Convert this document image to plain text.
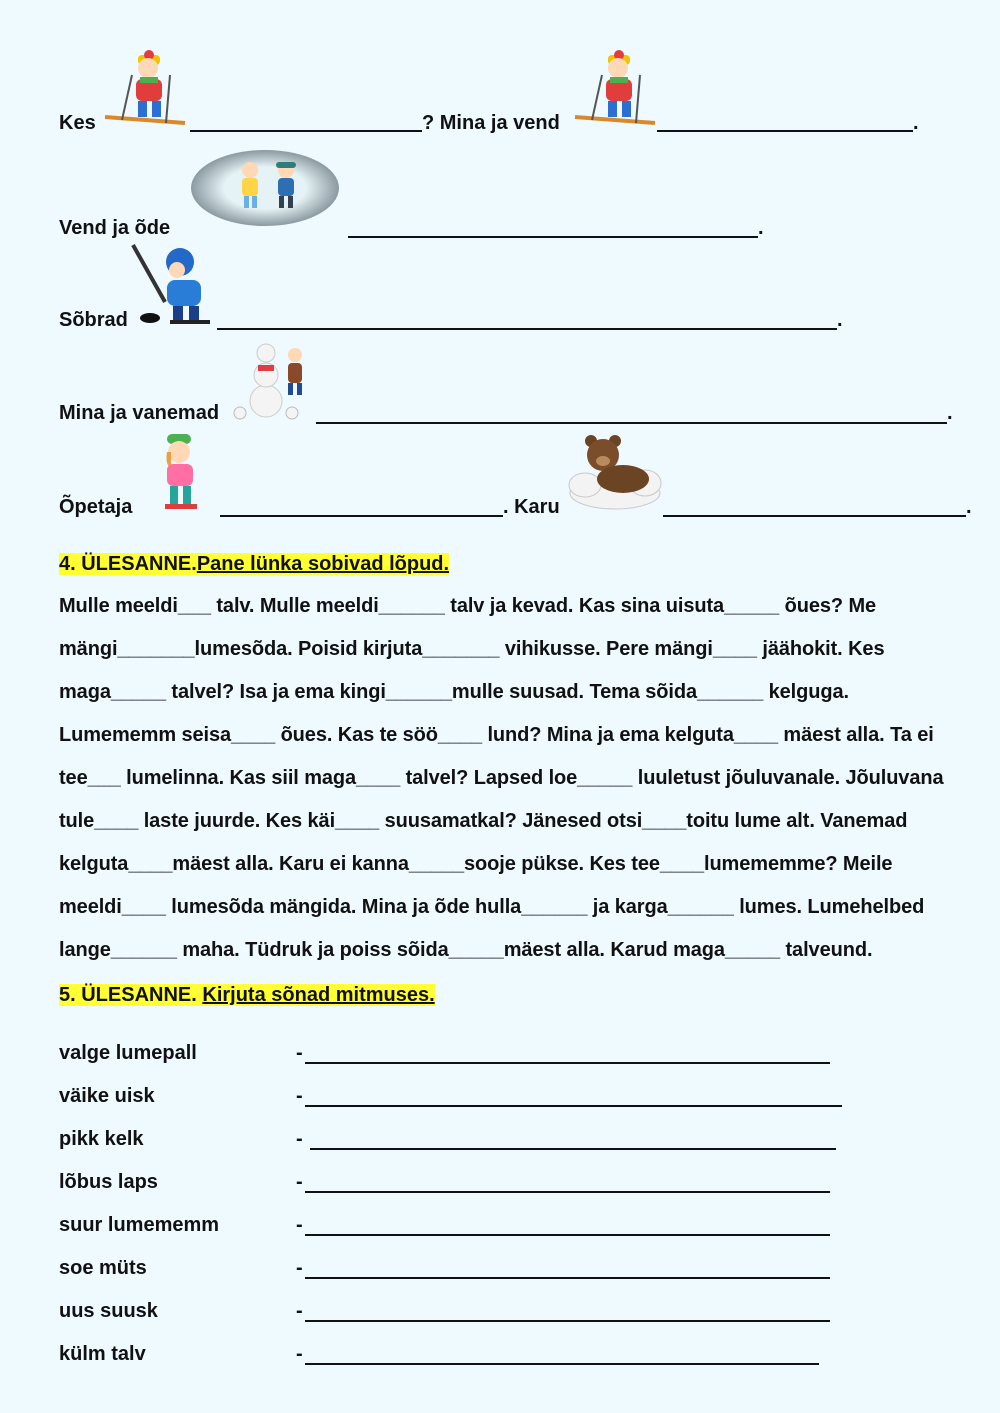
Kes	? Mina ja vend	.
Vend ja õde	.
Sõbrad	.
Mina ja vanemad	.
Õpetaja	. Karu	.
4. ÜLESANNE.Pane lünka sobivad lõpud.
Mulle meeldi___ talv. Mulle meeldi______ talv ja kevad. Kas sina uisuta_____ õues? Me
mängi_______lumesõda. Poisid kirjuta_______ vihikusse. Pere mängi____ jäähokit. Kes
maga_____ talvel? Isa ja ema kingi______mulle suusad. Tema sõida______ kelguga.
Lumememm seisa____ õues. Kas te söö____ lund? Mina ja ema kelguta____ mäest alla. Ta ei
tee___ lumelinna. Kas siil maga____ talvel? Lapsed loe_____ luuletust jõuluvanale. Jõuluvana
tule____ laste juurde. Kes käi____ suusamatkal? Jänesed otsi____toitu lume alt. Vanemad
kelguta____mäest alla. Karu ei kanna_____sooje pükse. Kes tee____lumememme? Meile
meeldi____ lumesõda mängida. Mina ja õde hulla______ ja karga______ lumes. Lumehelbed
lange______ maha. Tüdruk ja poiss sõida_____mäest alla. Karud maga_____ talveund.
5. ÜLESANNE. Kirjuta sõnad mitmuses.
valge lumepall	-
väike uisk	-
pikk kelk	-
lõbus laps	-
suur lumememm	-
soe müts	-
uus suusk	-
külm talv	-
